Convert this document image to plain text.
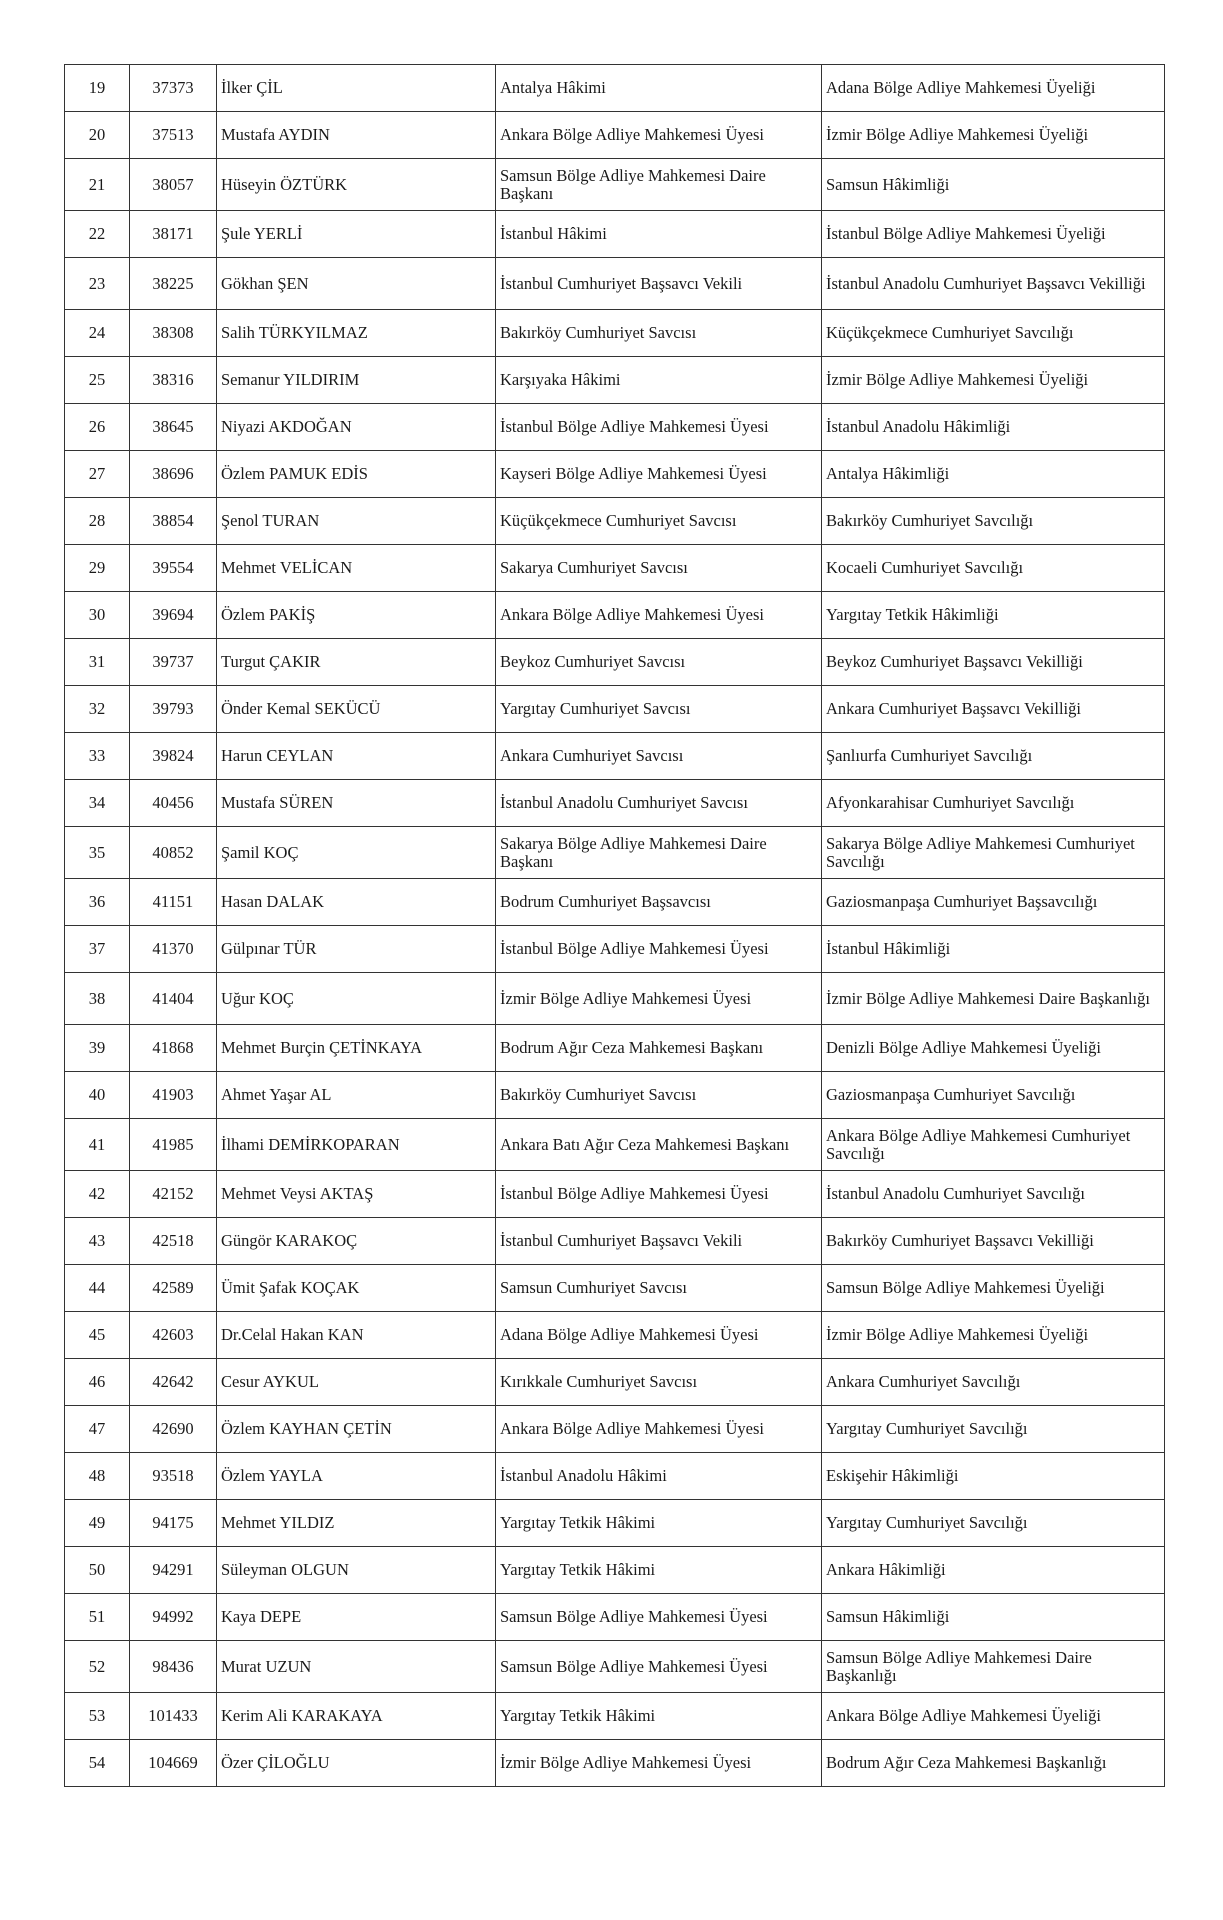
19	37373	İlker ÇİL	Antalya Hâkimi	Adana Bölge Adliye Mahkemesi Üyeliği
20	37513	Mustafa AYDIN	Ankara Bölge Adliye Mahkemesi Üyesi	İzmir Bölge Adliye Mahkemesi Üyeliği
21	38057	Hüseyin ÖZTÜRK	Samsun Bölge Adliye Mahkemesi Daire Başkanı	Samsun Hâkimliği
22	38171	Şule YERLİ	İstanbul Hâkimi	İstanbul Bölge Adliye Mahkemesi Üyeliği
23	38225	Gökhan ŞEN	İstanbul Cumhuriyet Başsavcı Vekili	İstanbul Anadolu Cumhuriyet Başsavcı Vekilliği
24	38308	Salih TÜRKYILMAZ	Bakırköy Cumhuriyet Savcısı	Küçükçekmece Cumhuriyet Savcılığı
25	38316	Semanur YILDIRIM	Karşıyaka Hâkimi	İzmir Bölge Adliye Mahkemesi Üyeliği
26	38645	Niyazi AKDOĞAN	İstanbul Bölge Adliye Mahkemesi Üyesi	İstanbul Anadolu Hâkimliği
27	38696	Özlem PAMUK EDİS	Kayseri Bölge Adliye Mahkemesi Üyesi	Antalya Hâkimliği
28	38854	Şenol TURAN	Küçükçekmece Cumhuriyet Savcısı	Bakırköy Cumhuriyet Savcılığı
29	39554	Mehmet VELİCAN	Sakarya Cumhuriyet Savcısı	Kocaeli Cumhuriyet Savcılığı
30	39694	Özlem PAKİŞ	Ankara Bölge Adliye Mahkemesi Üyesi	Yargıtay Tetkik Hâkimliği
31	39737	Turgut ÇAKIR	Beykoz Cumhuriyet Savcısı	Beykoz Cumhuriyet Başsavcı Vekilliği
32	39793	Önder Kemal SEKÜCÜ	Yargıtay Cumhuriyet Savcısı	Ankara Cumhuriyet Başsavcı Vekilliği
33	39824	Harun CEYLAN	Ankara Cumhuriyet Savcısı	Şanlıurfa Cumhuriyet Savcılığı
34	40456	Mustafa SÜREN	İstanbul Anadolu Cumhuriyet Savcısı	Afyonkarahisar Cumhuriyet Savcılığı
35	40852	Şamil KOÇ	Sakarya Bölge Adliye Mahkemesi Daire Başkanı	Sakarya Bölge Adliye Mahkemesi Cumhuriyet Savcılığı
36	41151	Hasan DALAK	Bodrum Cumhuriyet Başsavcısı	Gaziosmanpaşa Cumhuriyet Başsavcılığı
37	41370	Gülpınar TÜR	İstanbul Bölge Adliye Mahkemesi Üyesi	İstanbul Hâkimliği
38	41404	Uğur KOÇ	İzmir Bölge Adliye Mahkemesi Üyesi	İzmir Bölge Adliye Mahkemesi Daire Başkanlığı
39	41868	Mehmet Burçin ÇETİNKAYA	Bodrum Ağır Ceza Mahkemesi Başkanı	Denizli Bölge Adliye Mahkemesi Üyeliği
40	41903	Ahmet Yaşar AL	Bakırköy Cumhuriyet Savcısı	Gaziosmanpaşa Cumhuriyet Savcılığı
41	41985	İlhami DEMİRKOPARAN	Ankara Batı Ağır Ceza Mahkemesi Başkanı	Ankara Bölge Adliye Mahkemesi Cumhuriyet Savcılığı
42	42152	Mehmet Veysi AKTAŞ	İstanbul Bölge Adliye Mahkemesi Üyesi	İstanbul Anadolu Cumhuriyet Savcılığı
43	42518	Güngör KARAKOÇ	İstanbul Cumhuriyet Başsavcı Vekili	Bakırköy Cumhuriyet Başsavcı Vekilliği
44	42589	Ümit Şafak KOÇAK	Samsun Cumhuriyet Savcısı	Samsun Bölge Adliye Mahkemesi Üyeliği
45	42603	Dr.Celal Hakan KAN	Adana Bölge Adliye Mahkemesi Üyesi	İzmir Bölge Adliye Mahkemesi Üyeliği
46	42642	Cesur AYKUL	Kırıkkale Cumhuriyet Savcısı	Ankara Cumhuriyet Savcılığı
47	42690	Özlem KAYHAN ÇETİN	Ankara Bölge Adliye Mahkemesi Üyesi	Yargıtay Cumhuriyet Savcılığı
48	93518	Özlem YAYLA	İstanbul Anadolu Hâkimi	Eskişehir Hâkimliği
49	94175	Mehmet YILDIZ	Yargıtay Tetkik Hâkimi	Yargıtay Cumhuriyet Savcılığı
50	94291	Süleyman OLGUN	Yargıtay Tetkik Hâkimi	Ankara Hâkimliği
51	94992	Kaya DEPE	Samsun Bölge Adliye Mahkemesi Üyesi	Samsun Hâkimliği
52	98436	Murat UZUN	Samsun Bölge Adliye Mahkemesi Üyesi	Samsun Bölge Adliye Mahkemesi Daire Başkanlığı
53	101433	Kerim Ali KARAKAYA	Yargıtay Tetkik Hâkimi	Ankara Bölge Adliye Mahkemesi Üyeliği
54	104669	Özer ÇİLOĞLU	İzmir Bölge Adliye Mahkemesi Üyesi	Bodrum Ağır Ceza Mahkemesi Başkanlığı
